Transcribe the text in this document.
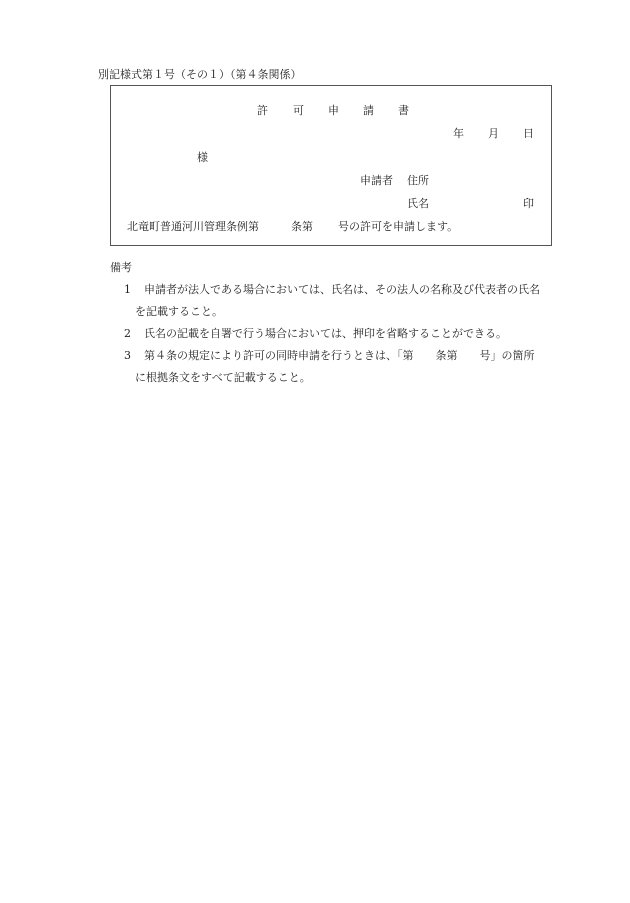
別記様式第１号（その１）（第４条関係）
許 可 申 請 書
年 月 日
様
申請者 住所
氏名	印
北竜町普通河川管理条例第	条第 号の許可を申請します。
備考
1 申請者が法人である場合においては、氏名は、その法人の名称及び代表者の氏名
を記載すること。
2 氏名の記載を自署で行う場合においては、押印を省略することができる。
3 第４条の規定により許可の同時申請を行うときは、「第　　条第　　号」の箇所
に根拠条文をすべて記載すること。
